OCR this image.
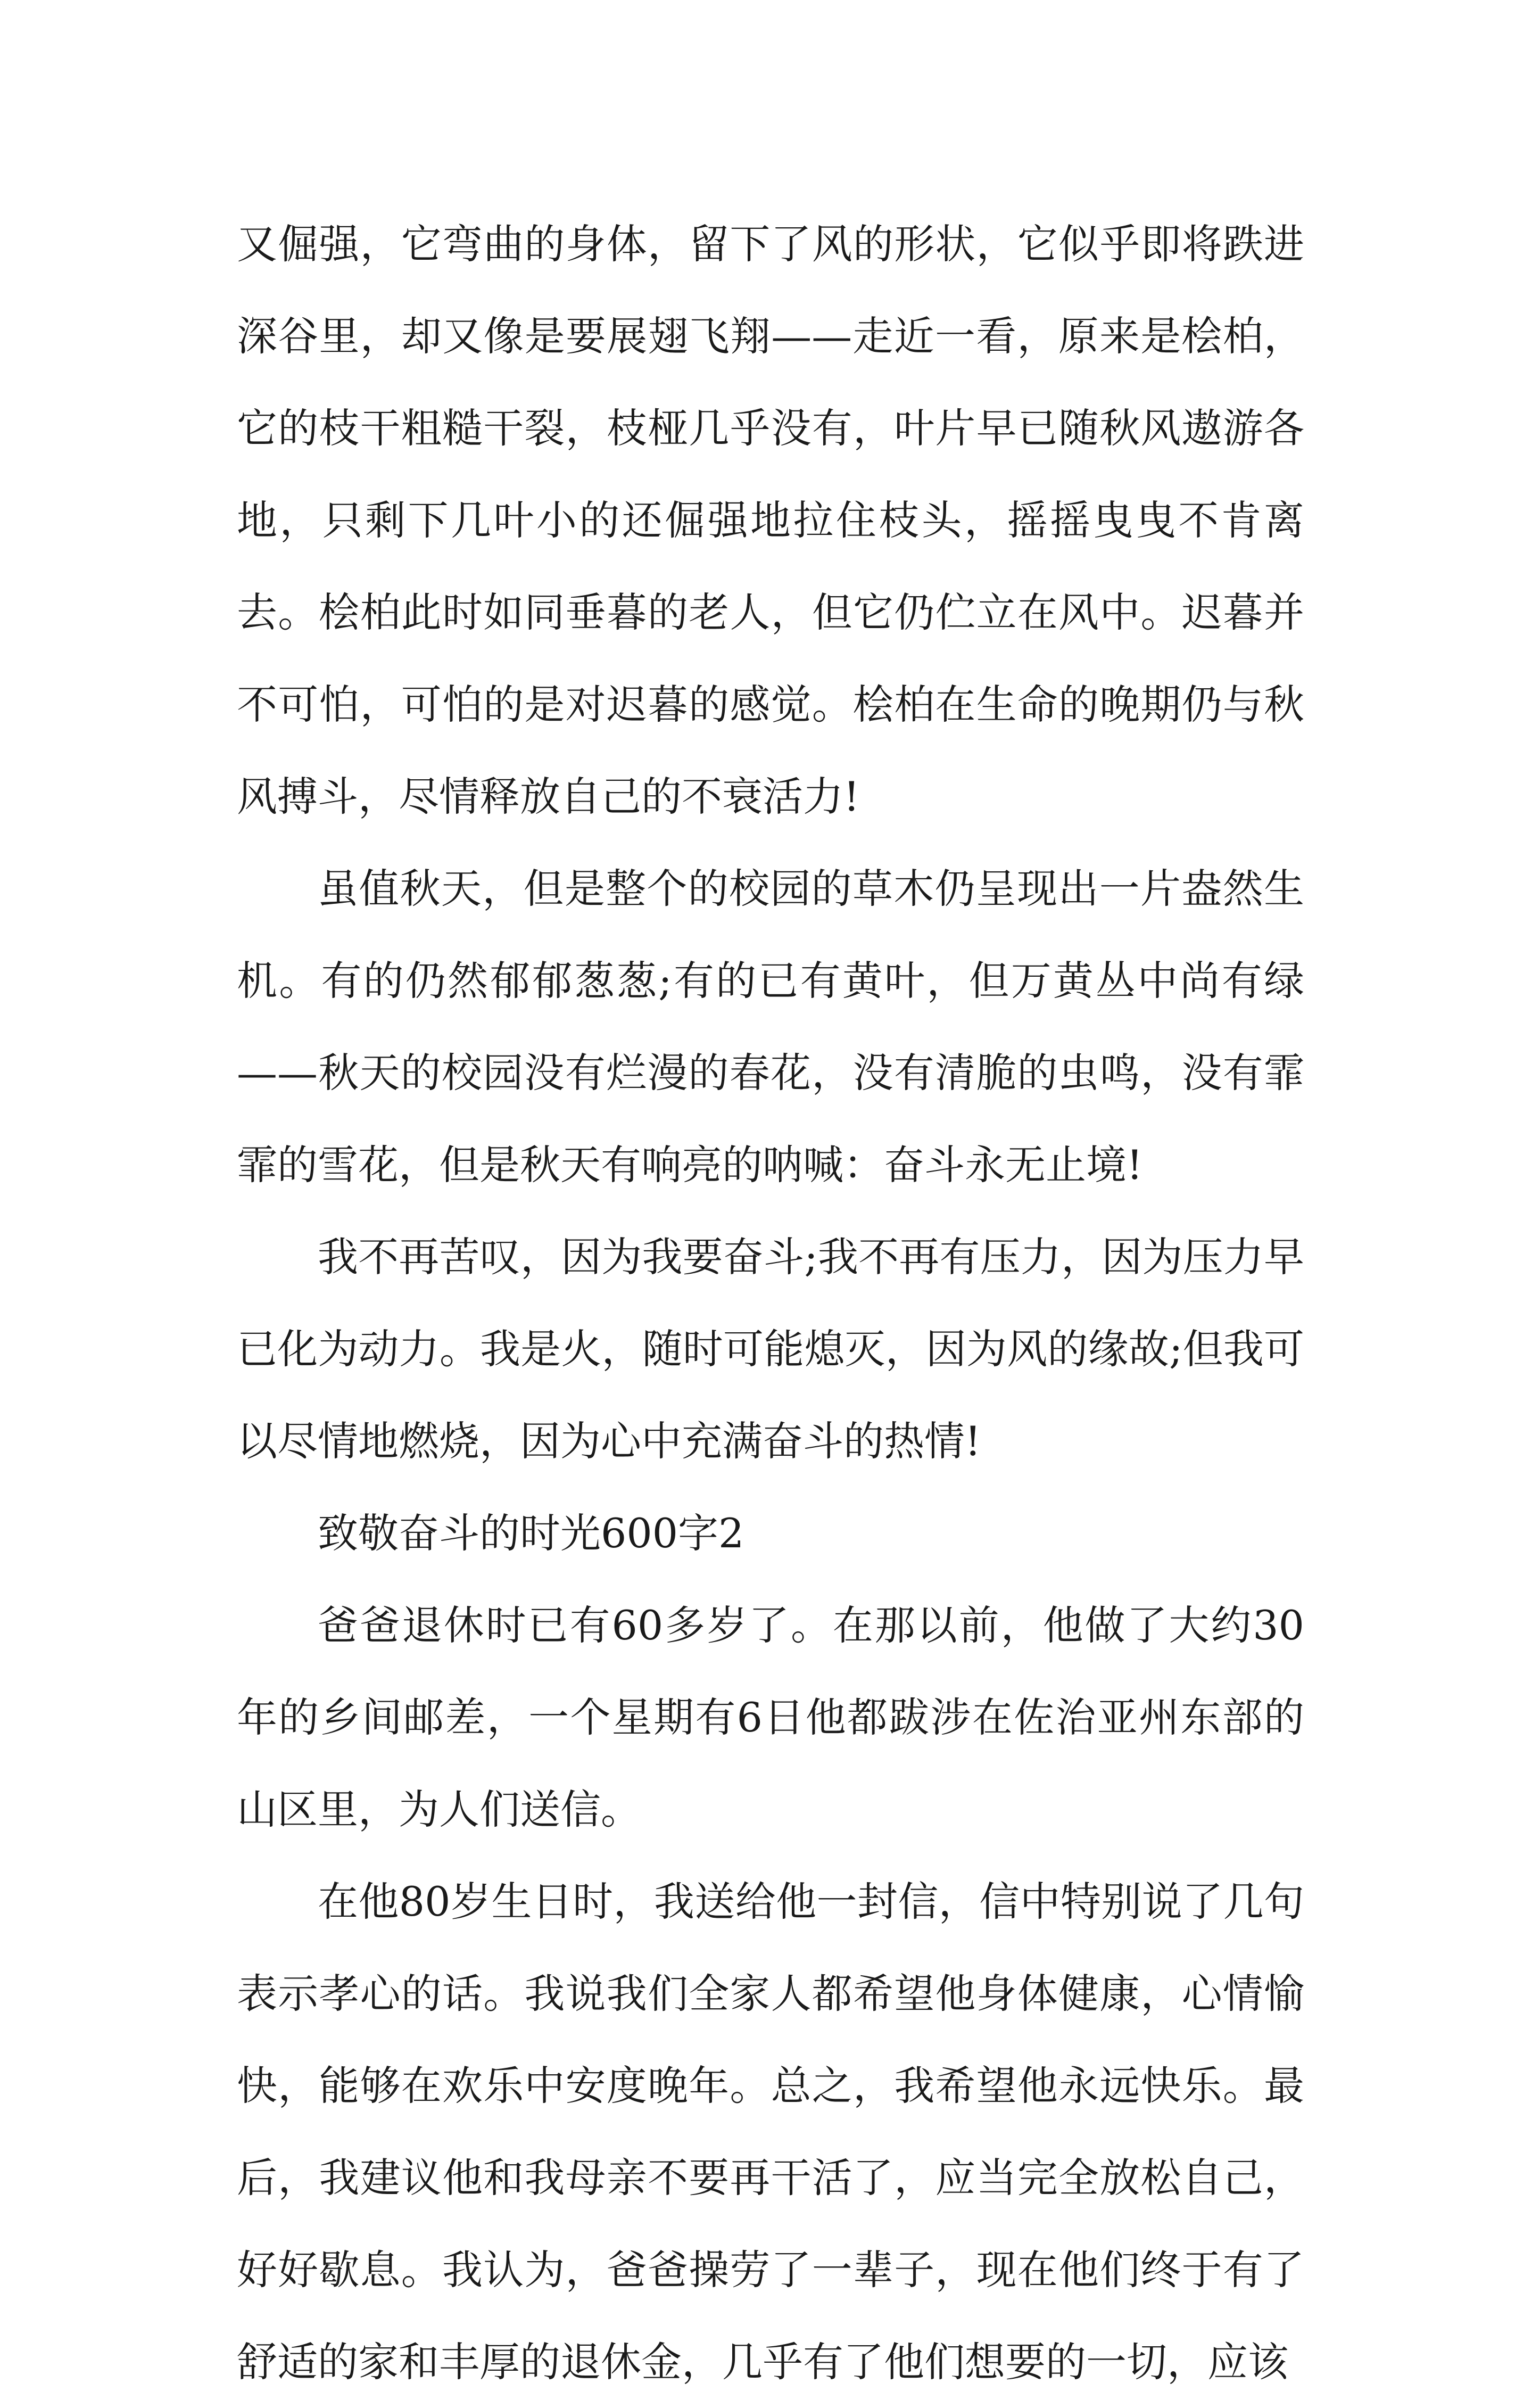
又倔强，它弯曲的身体，留下了风的形状，它似乎即将跌进深谷里，却又像是要展翅飞翔——走近一看，原来是桧柏，它的枝干粗糙干裂，枝桠几乎没有，叶片早已随秋风遨游各地，只剩下几叶小的还倔强地拉住枝头，摇摇曳曳不肯离去。桧柏此时如同垂暮的老人，但它仍伫立在风中。迟暮并不可怕，可怕的是对迟暮的感觉。桧柏在生命的晚期仍与秋风搏斗，尽情释放自己的不衰活力!

虽值秋天，但是整个的校园的草木仍呈现出一片盎然生机。有的仍然郁郁葱葱;有的已有黄叶，但万黄丛中尚有绿——秋天的校园没有烂漫的春花，没有清脆的虫鸣，没有霏霏的雪花，但是秋天有响亮的呐喊：奋斗永无止境!

我不再苦叹，因为我要奋斗;我不再有压力，因为压力早已化为动力。我是火，随时可能熄灭，因为风的缘故;但我可以尽情地燃烧，因为心中充满奋斗的热情!

致敬奋斗的时光600字2

爸爸退休时已有60多岁了。在那以前，他做了大约30年的乡间邮差，一个星期有6日他都跋涉在佐治亚州东部的山区里，为人们送信。

在他80岁生日时，我送给他一封信，信中特别说了几句表示孝心的话。我说我们全家人都希望他身体健康，心情愉快，能够在欢乐中安度晚年。总之，我希望他永远快乐。最后，我建议他和我母亲不要再干活了，应当完全放松自己，好好歇息。我认为，爸爸操劳了一辈子，现在他们终于有了舒适的家和丰厚的退休金，几乎有了他们想要的一切，应该
